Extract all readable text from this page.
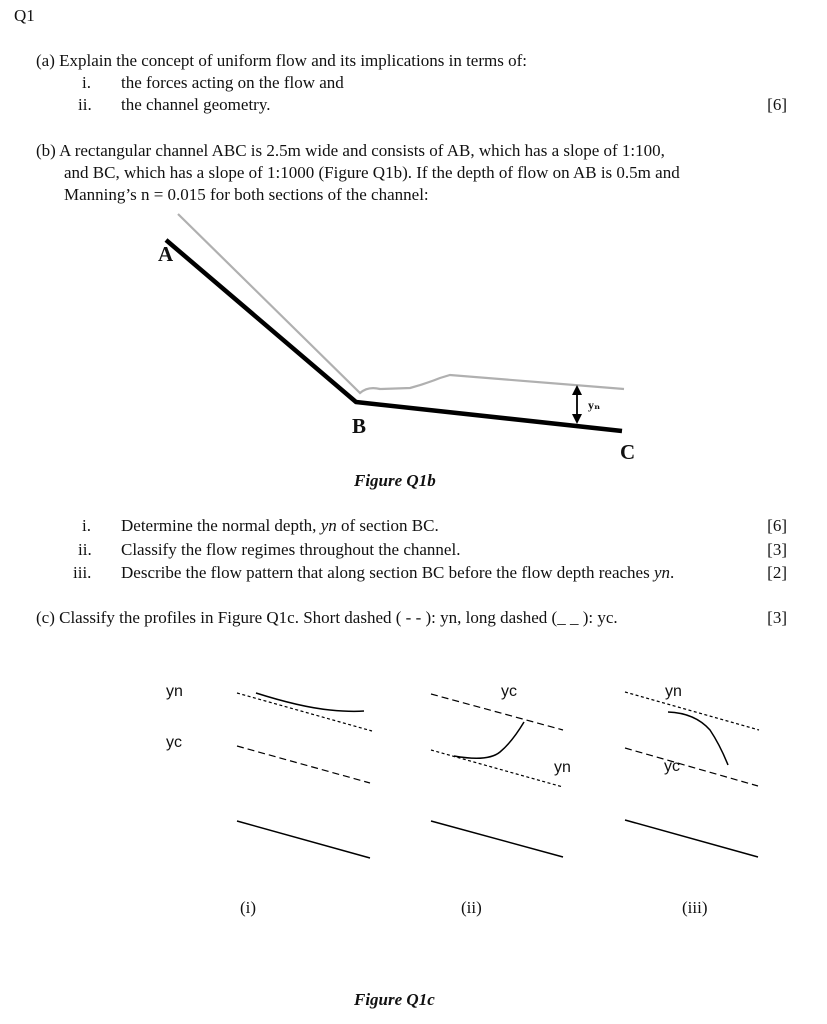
Q1
(a) Explain the concept of uniform flow and its implications in terms of:
i. the forces acting on the flow and
ii. the channel geometry.	[6]
(b) A rectangular channel ABC is 2.5m wide and consists of AB, which has a slope of 1:100,
and BC, which has a slope of 1:1000 (Figure Q1b). If the depth of flow on AB is 0.5m and
Manning’s n = 0.015 for both sections of the channel:
A
B
C
yₙ
Figure Q1b
i. Determine the normal depth, yn of section BC.	[6]
ii. Classify the flow regimes throughout the channel.	[3]
iii. Describe the flow pattern that along section BC before the flow depth reaches yn.	[2]
(c) Classify the profiles in Figure Q1c. Short dashed ( - - ): yn, long dashed (_ _ ): yc.	[3]
yn
yc
yc
yn
yn
yc
(i)	(ii)	(iii)
Figure Q1c
